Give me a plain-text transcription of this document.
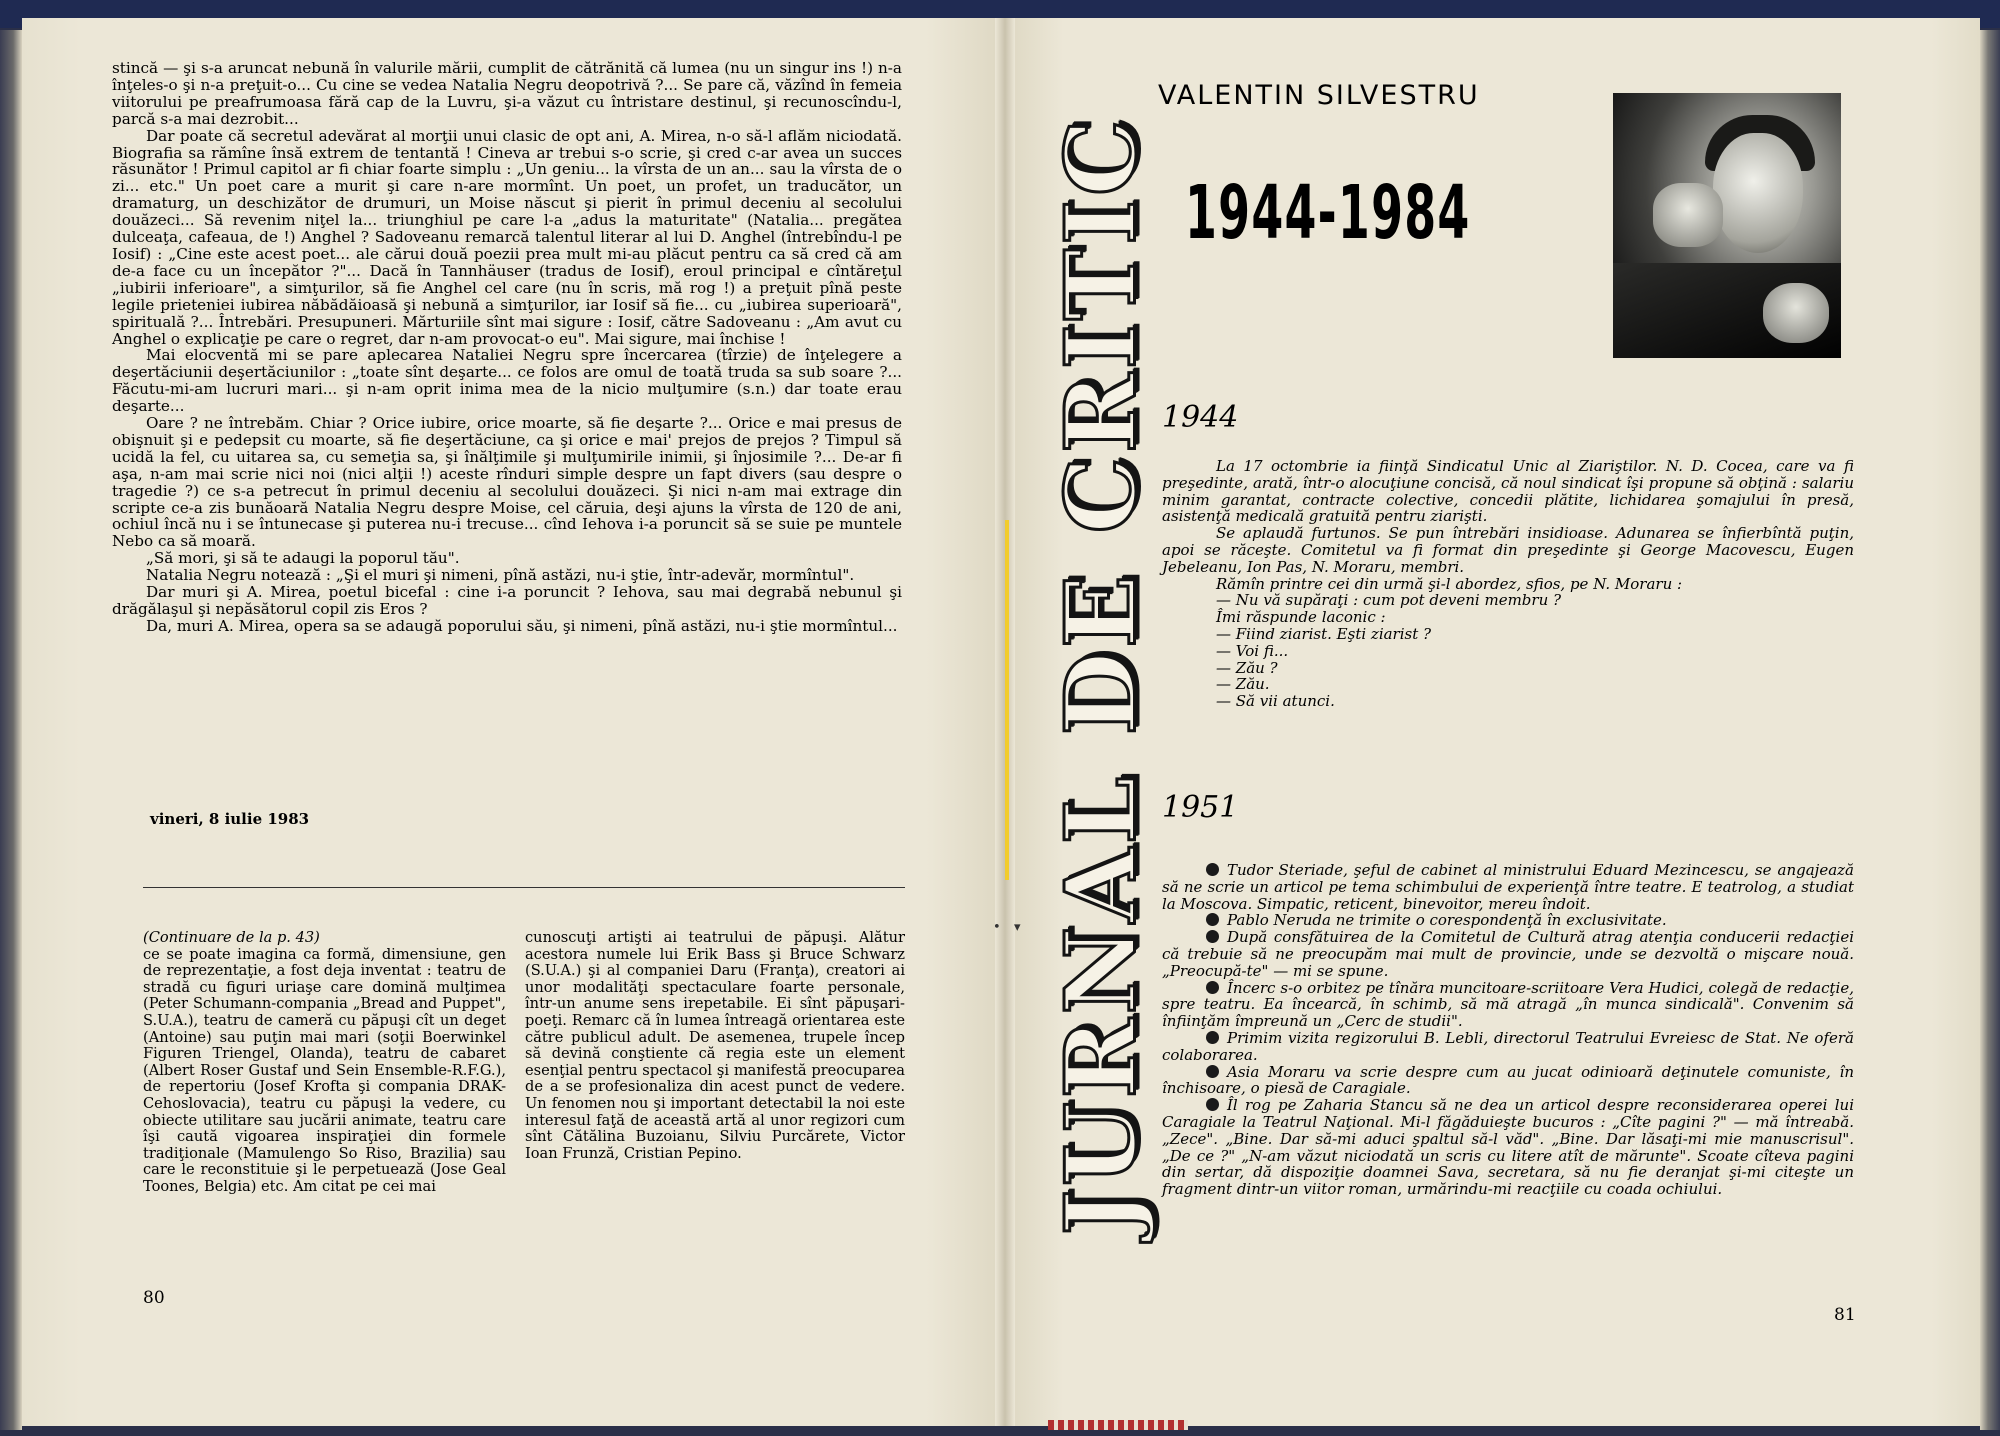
stincă — şi s-a aruncat nebună în valurile mării, cumplit de cătrănită că lumea (nu un singur ins !) n-a înţeles-o şi n-a preţuit-o... Cu cine se vedea Natalia Negru deopotrivă ?... Se pare că, văzînd în femeia viitorului pe preafrumoasa fără cap de la Luvru, şi-a văzut cu întristare destinul, şi recunoscîndu-l, parcă s-a mai dezrobit...

Dar poate că secretul adevărat al morţii unui clasic de opt ani, A. Mirea, n-o să-l aflăm niciodată. Biografia sa rămîne însă extrem de tentantă ! Cineva ar trebui s-o scrie, şi cred c-ar avea un succes răsunător ! Primul capitol ar fi chiar foarte simplu : „Un geniu... la vîrsta de un an... sau la vîrsta de o zi... etc." Un poet care a murit şi care n-are mormînt. Un poet, un profet, un traducător, un dramaturg, un deschizător de drumuri, un Moise născut şi pierit în primul deceniu al secolului douăzeci... Să revenim niţel la... triunghiul pe care l-a „adus la maturitate" (Natalia... pregătea dulceaţa, cafeaua, de !) Anghel ? Sadoveanu remarcă talentul literar al lui D. Anghel (întrebîndu-l pe Iosif) : „Cine este acest poet... ale cărui două poezii prea mult mi-au plăcut pentru ca să cred că am de-a face cu un începător ?"... Dacă în Tannhäuser (tradus de Iosif), eroul principal e cîntăreţul „iubirii inferioare", a simţurilor, să fie Anghel cel care (nu în scris, mă rog !) a preţuit pînă peste legile prieteniei iubirea năbădăioasă şi nebună a simţurilor, iar Iosif să fie... cu „iubirea superioară", spirituală ?... Întrebări. Presupuneri. Mărturiile sînt mai sigure : Iosif, către Sadoveanu : „Am avut cu Anghel o explicaţie pe care o regret, dar n-am provocat-o eu". Mai sigure, mai închise !

Mai elocventă mi se pare aplecarea Nataliei Negru spre încercarea (tîrzie) de înţelegere a deşertăciunii deşertăciunilor : „toate sînt deşarte... ce folos are omul de toată truda sa sub soare ?... Făcutu-mi-am lucruri mari... şi n-am oprit inima mea de la nicio mulţumire (s.n.) dar toate erau deşarte...

Oare ? ne întrebăm. Chiar ? Orice iubire, orice moarte, să fie deşarte ?... Orice e mai presus de obişnuit şi e pedepsit cu moarte, să fie deşertăciune, ca şi orice e mai' prejos de prejos ? Timpul să ucidă la fel, cu uitarea sa, cu semeţia sa, şi înălţimile şi mulţumirile inimii, şi înjosimile ?... De-ar fi aşa, n-am mai scrie nici noi (nici alţii !) aceste rînduri simple despre un fapt divers (sau despre o tragedie ?) ce s-a petrecut în primul deceniu al secolului douăzeci. Şi nici n-am mai extrage din scripte ce-a zis bunăoară Natalia Negru despre Moise, cel căruia, deşi ajuns la vîrsta de 120 de ani, ochiul încă nu i se întunecase şi puterea nu-i trecuse... cînd Iehova i-a poruncit să se suie pe muntele Nebo ca să moară.

„Să mori, şi să te adaugi la poporul tău".

Natalia Negru notează : „Şi el muri şi nimeni, pînă astăzi, nu-i ştie, într-adevăr, mormîntul".

Dar muri şi A. Mirea, poetul bicefal : cine i-a poruncit ? Iehova, sau mai degrabă nebunul şi drăgălaşul şi nepăsătorul copil zis Eros ?

Da, muri A. Mirea, opera sa se adaugă poporului său, şi nimeni, pînă astăzi, nu-i ştie mormîntul...

vineri, 8 iulie 1983

(Continuare de la p. 43)

ce se poate imagina ca formă, dimensiune, gen de reprezentaţie, a fost deja inventat : teatru de stradă cu figuri uriaşe care domină mulţimea (Peter Schumann-compania „Bread and Puppet", S.U.A.), teatru de cameră cu păpuşi cît un deget (Antoine) sau puţin mai mari (soţii Boerwinkel Figuren Triengel, Olanda), teatru de cabaret (Albert Roser Gustaf und Sein Ensemble-R.F.G.), de repertoriu (Josef Krofta şi compania DRAK-Cehoslovacia), teatru cu păpuşi la vedere, cu obiecte utilitare sau jucării animate, teatru care îşi caută vigoarea inspiraţiei din formele tradiţionale (Mamulengo So Riso, Brazilia) sau care le reconstituie şi le perpetuează (Jose Geal Toones, Belgia) etc. Am citat pe cei mai

cunoscuţi artişti ai teatrului de păpuşi. Alătur acestora numele lui Erik Bass şi Bruce Schwarz (S.U.A.) şi al companiei Daru (Franţa), creatori ai unor modalităţi spectaculare foarte personale, într-un anume sens irepetabile. Ei sînt păpuşari-poeţi. Remarc că în lumea întreagă orientarea este către publicul adult. De asemenea, trupele încep să devină conştiente că regia este un element esenţial pentru spectacol şi manifestă preocuparea de a se profesionaliza din acest punct de vedere. Un fenomen nou şi important detectabil la noi este interesul faţă de această artă al unor regizori cum sînt Cătălina Buzoianu, Silviu Purcărete, Victor Ioan Frunză, Cristian Pepino.

80
JURNAL DE CRITIC
VALENTIN SILVESTRU
1944-1984
1944

La 17 octombrie ia fiinţă Sindicatul Unic al Ziariştilor. N. D. Cocea, care va fi preşedinte, arată, într-o alocuţiune concisă, că noul sindicat îşi propune să obţină : salariu minim garantat, contracte colective, concedii plătite, lichidarea şomajului în presă, asistenţă medicală gratuită pentru ziarişti.

Se aplaudă furtunos. Se pun întrebări insidioase. Adunarea se înfierbîntă puţin, apoi se răceşte. Comitetul va fi format din preşedinte şi George Macovescu, Eugen Jebeleanu, Ion Pas, N. Moraru, membri.

Rămîn printre cei din urmă şi-l abordez, sfios, pe N. Moraru :

— Nu vă supăraţi : cum pot deveni membru ?

Îmi răspunde laconic :

— Fiind ziarist. Eşti ziarist ?

— Voi fi...

— Zău ?

— Zău.

— Să vii atunci.

1951

Tudor Steriade, şeful de cabinet al ministrului Eduard Mezincescu, se angajează să ne scrie un articol pe tema schimbului de experienţă între teatre. E teatrolog, a studiat la Moscova. Simpatic, reticent, binevoitor, mereu îndoit.

Pablo Neruda ne trimite o corespondenţă în exclusivitate.

După consfătuirea de la Comitetul de Cultură atrag atenţia conducerii redacţiei că trebuie să ne preocupăm mai mult de provincie, unde se dezvoltă o mişcare nouă. „Preocupă-te" — mi se spune.

Încerc s-o orbitez pe tînăra muncitoare-scriitoare Vera Hudici, colegă de redacţie, spre teatru. Ea încearcă, în schimb, să mă atragă „în munca sindicală". Convenim să înfiinţăm împreună un „Cerc de studii".

Primim vizita regizorului B. Lebli, directorul Teatrului Evreiesc de Stat. Ne oferă colaborarea.

Asia Moraru va scrie despre cum au jucat odinioară deţinutele comuniste, în închisoare, o piesă de Caragiale.

Îl rog pe Zaharia Stancu să ne dea un articol despre reconsiderarea operei lui Caragiale la Teatrul Naţional. Mi-l făgăduieşte bucuros : „Cîte pagini ?" — mă întreabă. „Zece". „Bine. Dar să-mi aduci şpaltul să-l văd". „Bine. Dar lăsaţi-mi mie manuscrisul". „De ce ?" „N-am văzut niciodată un scris cu litere atît de mărunte". Scoate cîteva pagini din sertar, dă dispoziţie doamnei Sava, secretara, să nu fie deranjat şi-mi citeşte un fragment dintr-un viitor roman, urmărindu-mi reacţiile cu coada ochiului.

81
• ▾
